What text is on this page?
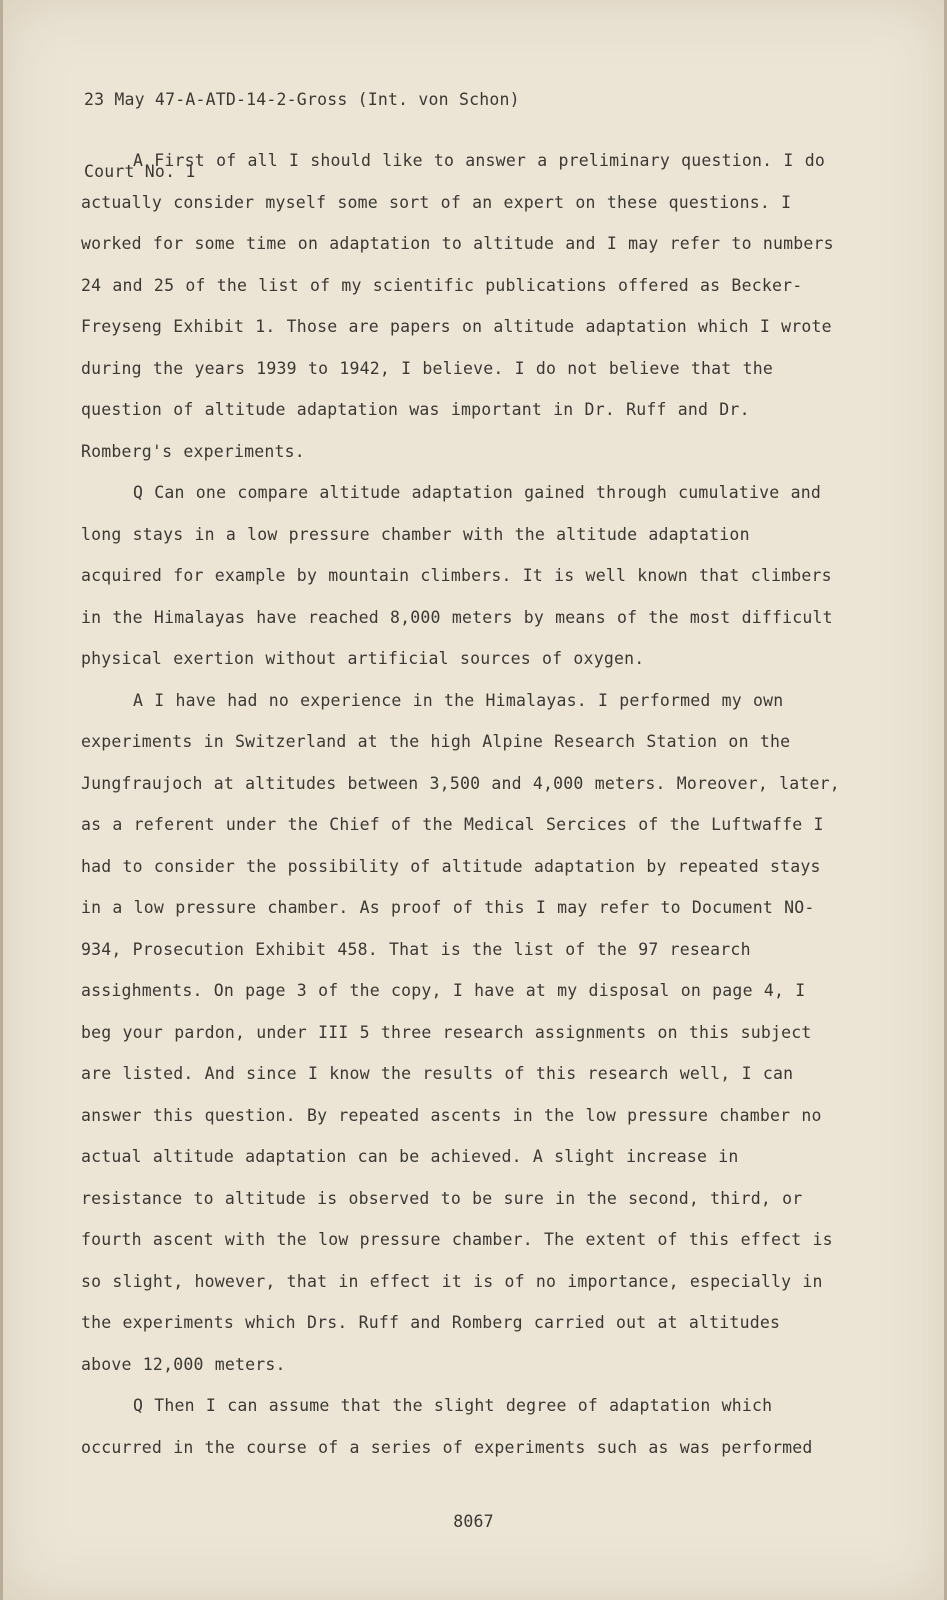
23 May 47-A-ATD-14-2-Gross (Int. von Schon)

Court No. 1

A First of all I should like to answer a preliminary question. I do actually consider myself some sort of an expert on these questions. I worked for some time on adaptation to altitude and I may refer to numbers 24 and 25 of the list of my scientific publications offered as Becker-Freyseng Exhibit 1. Those are papers on altitude adaptation which I wrote during the years 1939 to 1942, I believe. I do not believe that the question of altitude adaptation was important in Dr. Ruff and Dr. Romberg's experiments.

Q Can one compare altitude adaptation gained through cumulative and long stays in a low pressure chamber with the altitude adaptation acquired for example by mountain climbers. It is well known that climbers in the Himalayas have reached 8,000 meters by means of the most difficult physical exertion without artificial sources of oxygen.

A I have had no experience in the Himalayas. I performed my own experiments in Switzerland at the high Alpine Research Station on the Jungfraujoch at altitudes between 3,500 and 4,000 meters. Moreover, later, as a referent under the Chief of the Medical Sercices of the Luftwaffe I had to consider the possibility of altitude adaptation by repeated stays in a low pressure chamber. As proof of this I may refer to Document NO-934, Prosecution Exhibit 458. That is the list of the 97 research assighments. On page 3 of the copy, I have at my disposal on page 4, I beg your pardon, under III 5 three research assignments on this subject are listed. And since I know the results of this research well, I can answer this question. By repeated ascents in the low pressure chamber no actual altitude adaptation can be achieved. A slight increase in resistance to altitude is observed to be sure in the second, third, or fourth ascent with the low pressure chamber. The extent of this effect is so slight, however, that in effect it is of no importance, especially in the experiments which Drs. Ruff and Romberg carried out at altitudes above 12,000 meters.

Q Then I can assume that the slight degree of adaptation which occurred in the course of a series of experiments such as was performed

8067
